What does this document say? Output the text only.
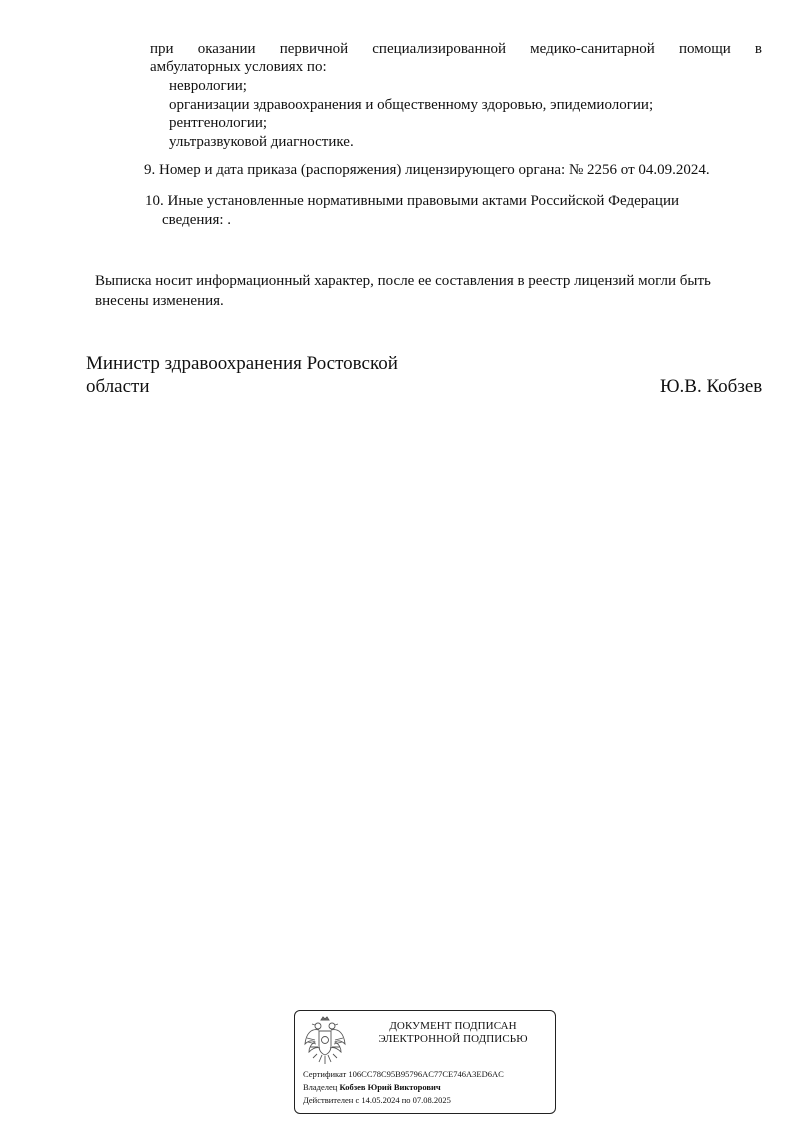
при оказании первичной специализированной медико-санитарной помощи в
амбулаторных условиях по:
неврологии;
организации здравоохранения и общественному здоровью, эпидемиологии;
рентгенологии;
ультразвуковой диагностике.
9. Номер и дата приказа (распоряжения) лицензирующего органа: № 2256 от 04.09.2024.
10. Иные установленные нормативными правовыми актами Российской Федерации
сведения: .
Выписка носит информационный характер, после ее составления в реестр лицензий могли быть
внесены изменения.
Министр здравоохранения Ростовской
области	Ю.В. Кобзев
ДОКУМЕНТ ПОДПИСАН
ЭЛЕКТРОННОЙ ПОДПИСЬЮ
Сертификат 106CC78C95B95796AC77CE746A3ED6AC
Владелец Кобзев Юрий Викторович
Действителен с 14.05.2024 по 07.08.2025
